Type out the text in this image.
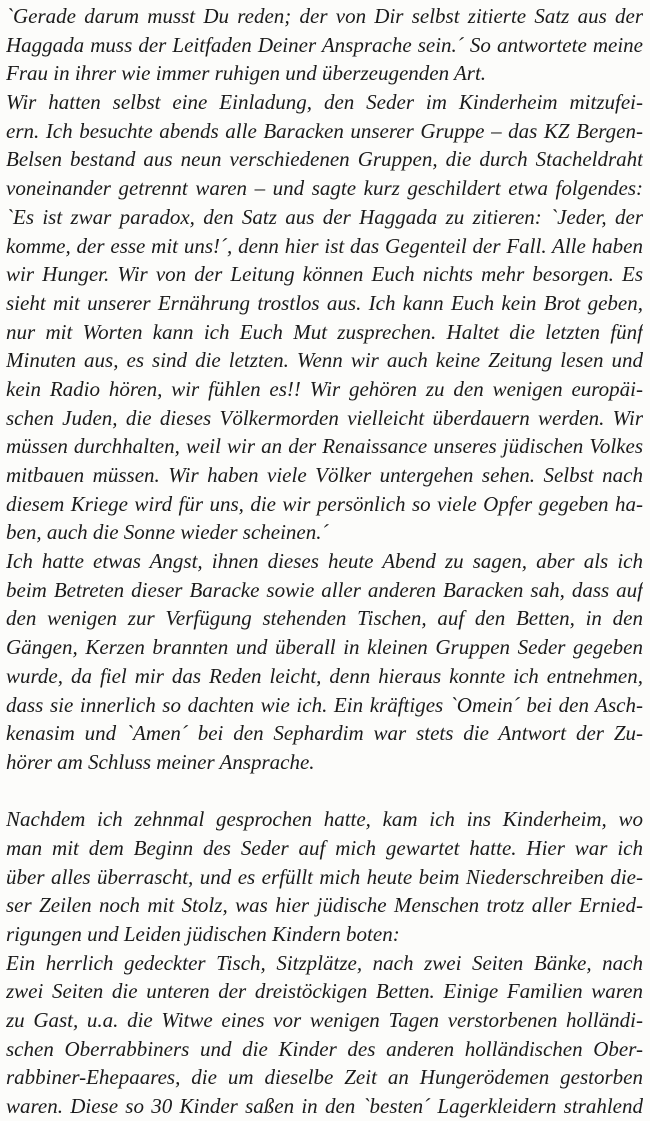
`Gerade darum musst Du reden; der von Dir selbst zitierte Satz aus der
Haggada muss der Leitfaden Deiner Ansprache sein.´ So antwortete meine
Frau in ihrer wie immer ruhigen und überzeugenden Art.
Wir hatten selbst eine Einladung, den Seder im Kinderheim mitzufei-
ern. Ich besuchte abends alle Baracken unserer Gruppe – das KZ Bergen-
Belsen bestand aus neun verschiedenen Gruppen, die durch Stacheldraht
voneinander getrennt waren – und sagte kurz geschildert etwa folgendes:
`Es ist zwar paradox, den Satz aus der Haggada zu zitieren: `Jeder, der
komme, der esse mit uns!´, denn hier ist das Gegenteil der Fall. Alle haben
wir Hunger. Wir von der Leitung können Euch nichts mehr besorgen. Es
sieht mit unserer Ernährung trostlos aus. Ich kann Euch kein Brot geben,
nur mit Worten kann ich Euch Mut zusprechen. Haltet die letzten fünf
Minuten aus, es sind die letzten. Wenn wir auch keine Zeitung lesen und
kein Radio hören, wir fühlen es!! Wir gehören zu den wenigen europäi-
schen Juden, die dieses Völkermorden vielleicht überdauern werden. Wir
müssen durchhalten, weil wir an der Renaissance unseres jüdischen Volkes
mitbauen müssen. Wir haben viele Völker untergehen sehen. Selbst nach
diesem Kriege wird für uns, die wir persönlich so viele Opfer gegeben ha-
ben, auch die Sonne wieder scheinen.´
Ich hatte etwas Angst, ihnen dieses heute Abend zu sagen, aber als ich
beim Betreten dieser Baracke sowie aller anderen Baracken sah, dass auf
den wenigen zur Verfügung stehenden Tischen, auf den Betten, in den
Gängen, Kerzen brannten und überall in kleinen Gruppen Seder gegeben
wurde, da fiel mir das Reden leicht, denn hieraus konnte ich entnehmen,
dass sie innerlich so dachten wie ich. Ein kräftiges `Omein´ bei den Asch-
kenasim und `Amen´ bei den Sephardim war stets die Antwort der Zu-
hörer am Schluss meiner Ansprache.
Nachdem ich zehnmal gesprochen hatte, kam ich ins Kinderheim, wo
man mit dem Beginn des Seder auf mich gewartet hatte. Hier war ich
über alles überrascht, und es erfüllt mich heute beim Niederschreiben die-
ser Zeilen noch mit Stolz, was hier jüdische Menschen trotz aller Ernied-
rigungen und Leiden jüdischen Kindern boten:
Ein herrlich gedeckter Tisch, Sitzplätze, nach zwei Seiten Bänke, nach
zwei Seiten die unteren der dreistöckigen Betten. Einige Familien waren
zu Gast, u.a. die Witwe eines vor wenigen Tagen verstorbenen holländi-
schen Oberrabbiners und die Kinder des anderen holländischen Ober-
rabbiner-Ehepaares, die um dieselbe Zeit an Hungerödemen gestorben
waren. Diese so 30 Kinder saßen in den `besten´ Lagerkleidern strahlend
